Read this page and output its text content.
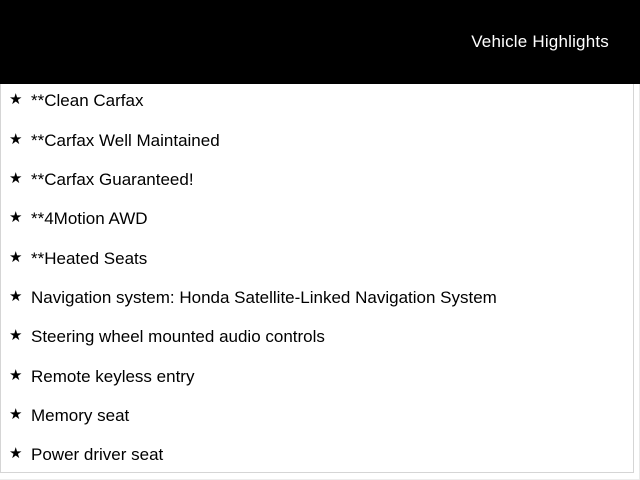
Vehicle Highlights
★ **Clean Carfax
★ **Carfax Well Maintained
★ **Carfax Guaranteed!
★ **4Motion AWD
★ **Heated Seats
★ Navigation system: Honda Satellite-Linked Navigation System
★ Steering wheel mounted audio controls
★ Remote keyless entry
★ Memory seat
★ Power driver seat
